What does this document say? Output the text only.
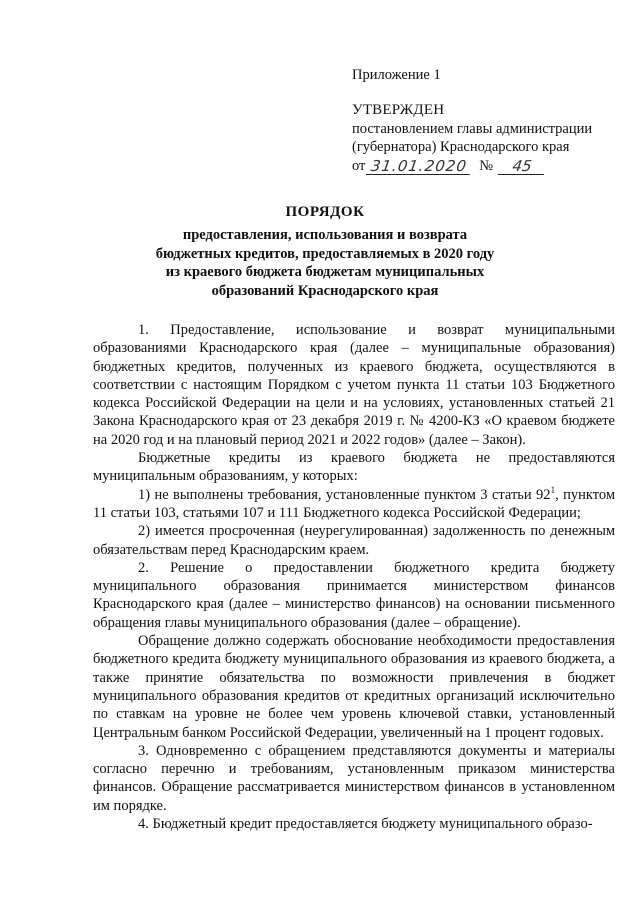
Приложение 1
УТВЕРЖДЕН
постановлением главы администрации
(губернатора) Краснодарского края
от 31.01.2020 №	45
ПОРЯДОК
предоставления, использования и возврата
бюджетных кредитов, предоставляемых в 2020 году
из краевого бюджета бюджетам муниципальных
образований Краснодарского края

1. Предоставление, использование и возврат муниципальными образованиями Краснодарского края (далее – муниципальные образования) бюджетных кредитов, полученных из краевого бюджета, осуществляются в соответствии с настоящим Порядком с учетом пункта 11 статьи 103 Бюджетного кодекса Российской Федерации на цели и на условиях, установленных статьей 21 Закона Краснодарского края от 23 декабря 2019 г. № 4200-КЗ «О краевом бюджете на 2020 год и на плановый период 2021 и 2022 годов» (далее – Закон).

Бюджетные кредиты из краевого бюджета не предоставляются муниципальным образованиям, у которых:

1) не выполнены требования, установленные пунктом 3 статьи $92^1$, пунктом 11 статьи 103, статьями 107 и 111 Бюджетного кодекса Российской Федерации;

2) имеется просроченная (неурегулированная) задолженность по денежным обязательствам перед Краснодарским краем.

2. Решение о предоставлении бюджетного кредита бюджету муниципального образования принимается министерством финансов Краснодарского края (далее – министерство финансов) на основании письменного обращения главы муниципального образования (далее – обращение).

Обращение должно содержать обоснование необходимости предоставления бюджетного кредита бюджету муниципального образования из краевого бюджета, а также принятие обязательства по возможности привлечения в бюджет муниципального образования кредитов от кредитных организаций исключительно по ставкам на уровне не более чем уровень ключевой ставки, установленный Центральным банком Российской Федерации, увеличенный на 1 процент годовых.

3. Одновременно с обращением представляются документы и материалы согласно перечню и требованиям, установленным приказом министерства финансов. Обращение рассматривается министерством финансов в установленном им порядке.

4. Бюджетный кредит предоставляется бюджету муниципального образо-
